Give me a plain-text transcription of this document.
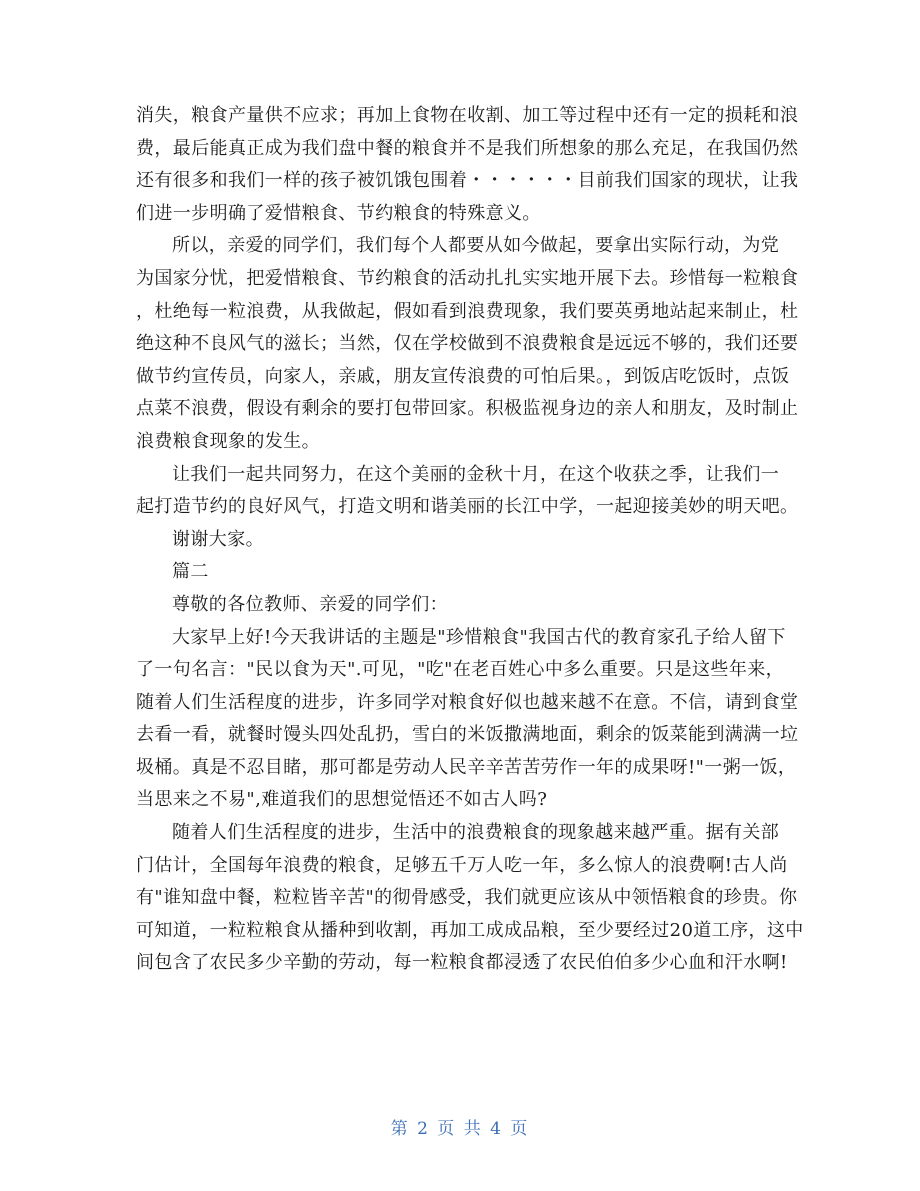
消失，粮食产量供不应求；再加上食物在收割、加工等过程中还有一定的损耗和浪
费，最后能真正成为我们盘中餐的粮食并不是我们所想象的那么充足，在我国仍然
还有很多和我们一样的孩子被饥饿包围着・・・・・・目前我们国家的现状，让我
们进一步明确了爱惜粮食、节约粮食的特殊意义。
所以，亲爱的同学们，我们每个人都要从如今做起，要拿出实际行动，为党
为国家分忧，把爱惜粮食、节约粮食的活动扎扎实实地开展下去。珍惜每一粒粮食
，杜绝每一粒浪费，从我做起，假如看到浪费现象，我们要英勇地站起来制止，杜
绝这种不良风气的滋长；当然，仅在学校做到不浪费粮食是远远不够的，我们还要
做节约宣传员，向家人，亲戚，朋友宣传浪费的可怕后果。，到饭店吃饭时，点饭
点菜不浪费，假设有剩余的要打包带回家。积极监视身边的亲人和朋友，及时制止
浪费粮食现象的发生。
让我们一起共同努力，在这个美丽的金秋十月，在这个收获之季，让我们一
起打造节约的良好风气，打造文明和谐美丽的长江中学，一起迎接美妙的明天吧。
谢谢大家。
篇二
尊敬的各位教师、亲爱的同学们：
大家早上好!今天我讲话的主题是"珍惜粮食"我国古代的教育家孔子给人留下
了一句名言："民以食为天".可见，"吃"在老百姓心中多么重要。只是这些年来，
随着人们生活程度的进步，许多同学对粮食好似也越来越不在意。不信，请到食堂
去看一看，就餐时馒头四处乱扔，雪白的米饭撒满地面，剩余的饭菜能到满满一垃
圾桶。真是不忍目睹，那可都是劳动人民辛辛苦苦劳作一年的成果呀!"一粥一饭，
当思来之不易",难道我们的思想觉悟还不如古人吗?
随着人们生活程度的进步，生活中的浪费粮食的现象越来越严重。据有关部
门估计，全国每年浪费的粮食，足够五千万人吃一年，多么惊人的浪费啊!古人尚
有"谁知盘中餐，粒粒皆辛苦"的彻骨感受，我们就更应该从中领悟粮食的珍贵。你
可知道，一粒粒粮食从播种到收割，再加工成成品粮，至少要经过20道工序，这中
间包含了农民多少辛勤的劳动，每一粒粮食都浸透了农民伯伯多少心血和汗水啊!
第 2 页 共 4 页
